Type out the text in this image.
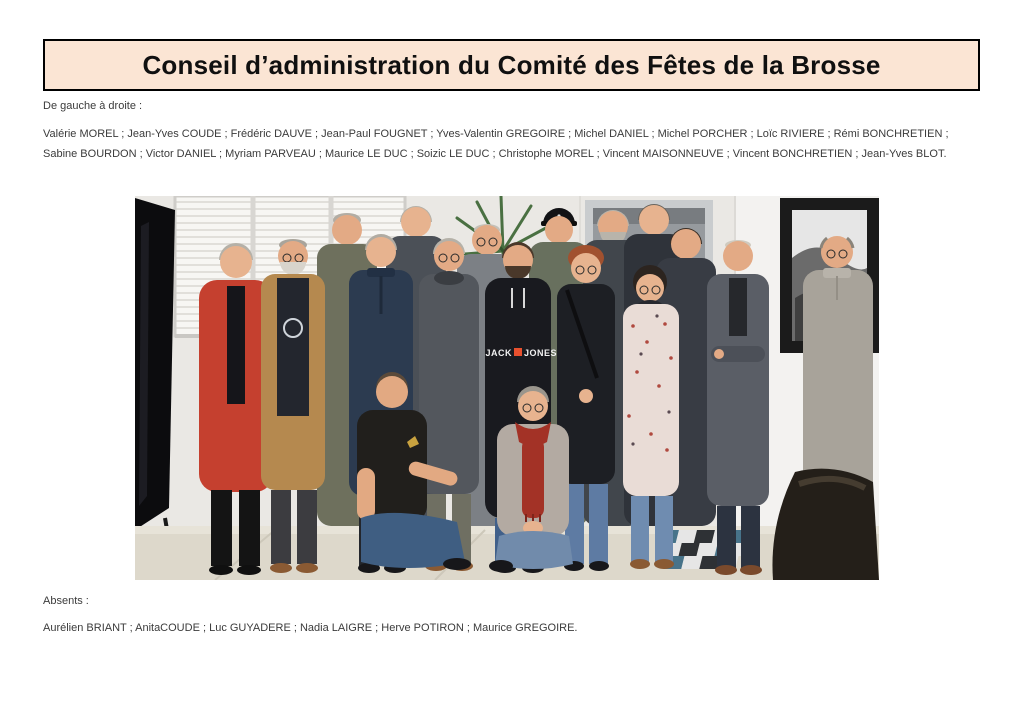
Conseil d’administration du Comité des Fêtes de la Brosse

De gauche à droite :

Valérie MOREL ; Jean-Yves COUDE ; Frédéric DAUVE ; Jean-Paul FOUGNET ; Yves-Valentin GREGOIRE ; Michel DANIEL ; Michel PORCHER ; Loïc RIVIERE ; Rémi BONCHRETIEN ; Sabine BOURDON ; Victor DANIEL ; Myriam PARVEAU ; Maurice LE DUC ; Soizic LE DUC ; Christophe MOREL ; Vincent MAISONNEUVE ; Vincent BONCHRETIEN ; Jean-Yves BLOT.

JACK JONES

Absents :

Aurélien BRIANT ; AnitaCOUDE ; Luc GUYADERE ; Nadia LAIGRE ; Herve POTIRON ; Maurice GREGOIRE.
